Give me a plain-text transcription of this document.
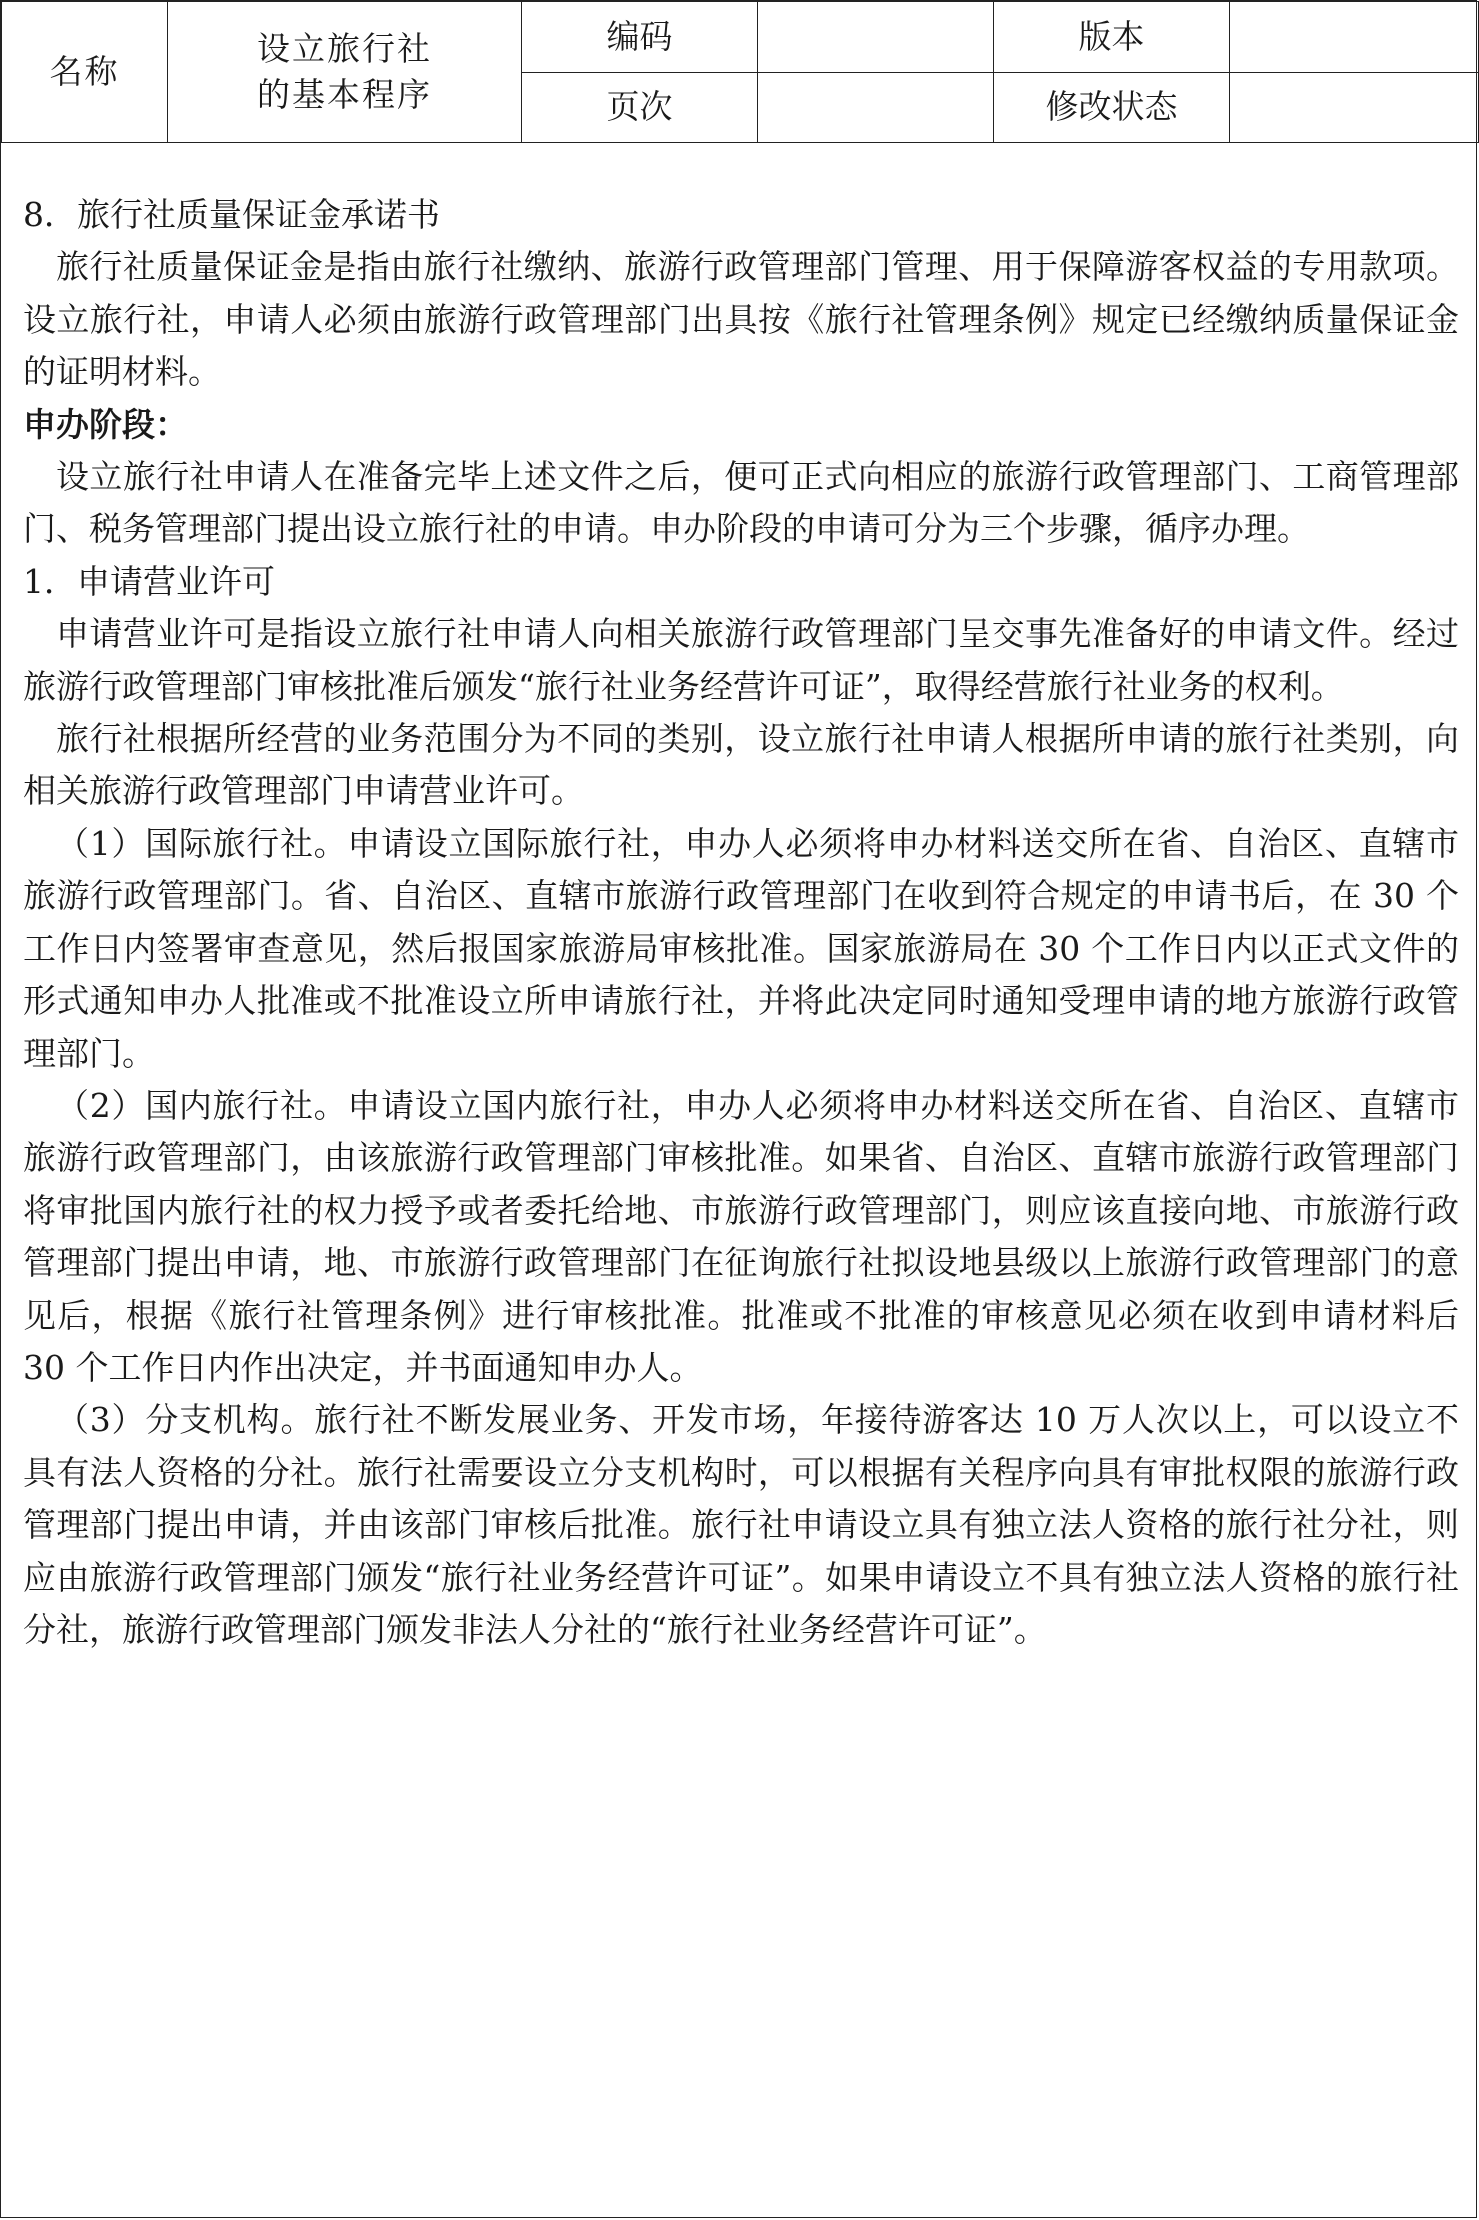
名称	设立旅行社
的基本程序	编码		版本	
		页次		修改状态	

8．旅行社质量保证金承诺书

旅行社质量保证金是指由旅行社缴纳、旅游行政管理部门管理、用于保障游客权益的专用款项。设立旅行社，申请人必须由旅游行政管理部门出具按《旅行社管理条例》规定已经缴纳质量保证金的证明材料。

申办阶段：

设立旅行社申请人在准备完毕上述文件之后，便可正式向相应的旅游行政管理部门、工商管理部门、税务管理部门提出设立旅行社的申请。申办阶段的申请可分为三个步骤，循序办理。

1．申请营业许可

申请营业许可是指设立旅行社申请人向相关旅游行政管理部门呈交事先准备好的申请文件。经过旅游行政管理部门审核批准后颁发“旅行社业务经营许可证”，取得经营旅行社业务的权利。

旅行社根据所经营的业务范围分为不同的类别，设立旅行社申请人根据所申请的旅行社类别，向相关旅游行政管理部门申请营业许可。

（1）国际旅行社。申请设立国际旅行社，申办人必须将申办材料送交所在省、自治区、直辖市旅游行政管理部门。省、自治区、直辖市旅游行政管理部门在收到符合规定的申请书后，在 30 个工作日内签署审查意见，然后报国家旅游局审核批准。国家旅游局在 30 个工作日内以正式文件的形式通知申办人批准或不批准设立所申请旅行社，并将此决定同时通知受理申请的地方旅游行政管理部门。

（2）国内旅行社。申请设立国内旅行社，申办人必须将申办材料送交所在省、自治区、直辖市旅游行政管理部门，由该旅游行政管理部门审核批准。如果省、自治区、直辖市旅游行政管理部门将审批国内旅行社的权力授予或者委托给地、市旅游行政管理部门，则应该直接向地、市旅游行政管理部门提出申请，地、市旅游行政管理部门在征询旅行社拟设地县级以上旅游行政管理部门的意见后，根据《旅行社管理条例》进行审核批准。批准或不批准的审核意见必须在收到申请材料后 30 个工作日内作出决定，并书面通知申办人。

（3）分支机构。旅行社不断发展业务、开发市场，年接待游客达 10 万人次以上，可以设立不具有法人资格的分社。旅行社需要设立分支机构时，可以根据有关程序向具有审批权限的旅游行政管理部门提出申请，并由该部门审核后批准。旅行社申请设立具有独立法人资格的旅行社分社，则应由旅游行政管理部门颁发“旅行社业务经营许可证”。如果申请设立不具有独立法人资格的旅行社分社，旅游行政管理部门颁发非法人分社的“旅行社业务经营许可证”。
